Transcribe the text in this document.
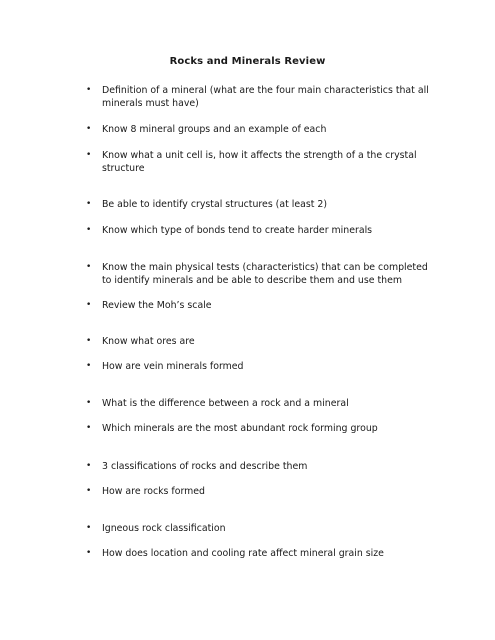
Rocks and Minerals Review
•	Definition of a mineral (what are the four main characteristics that all minerals must have)
•	Know 8 mineral groups and an example of each
•	Know what a unit cell is, how it affects the strength of a the crystal structure
•	Be able to identify crystal structures (at least 2)
•	Know which type of bonds tend to create harder minerals
•	Know the main physical tests (characteristics) that can be completed to identify minerals and be able to describe them and use them
•	Review the Moh’s scale
•	Know what ores are
•	How are vein minerals formed
•	What is the difference between a rock and a mineral
•	Which minerals are the most abundant rock forming group
•	3 classifications of rocks and describe them
•	How are rocks formed
•	Igneous rock classification
•	How does location and cooling rate affect mineral grain size
